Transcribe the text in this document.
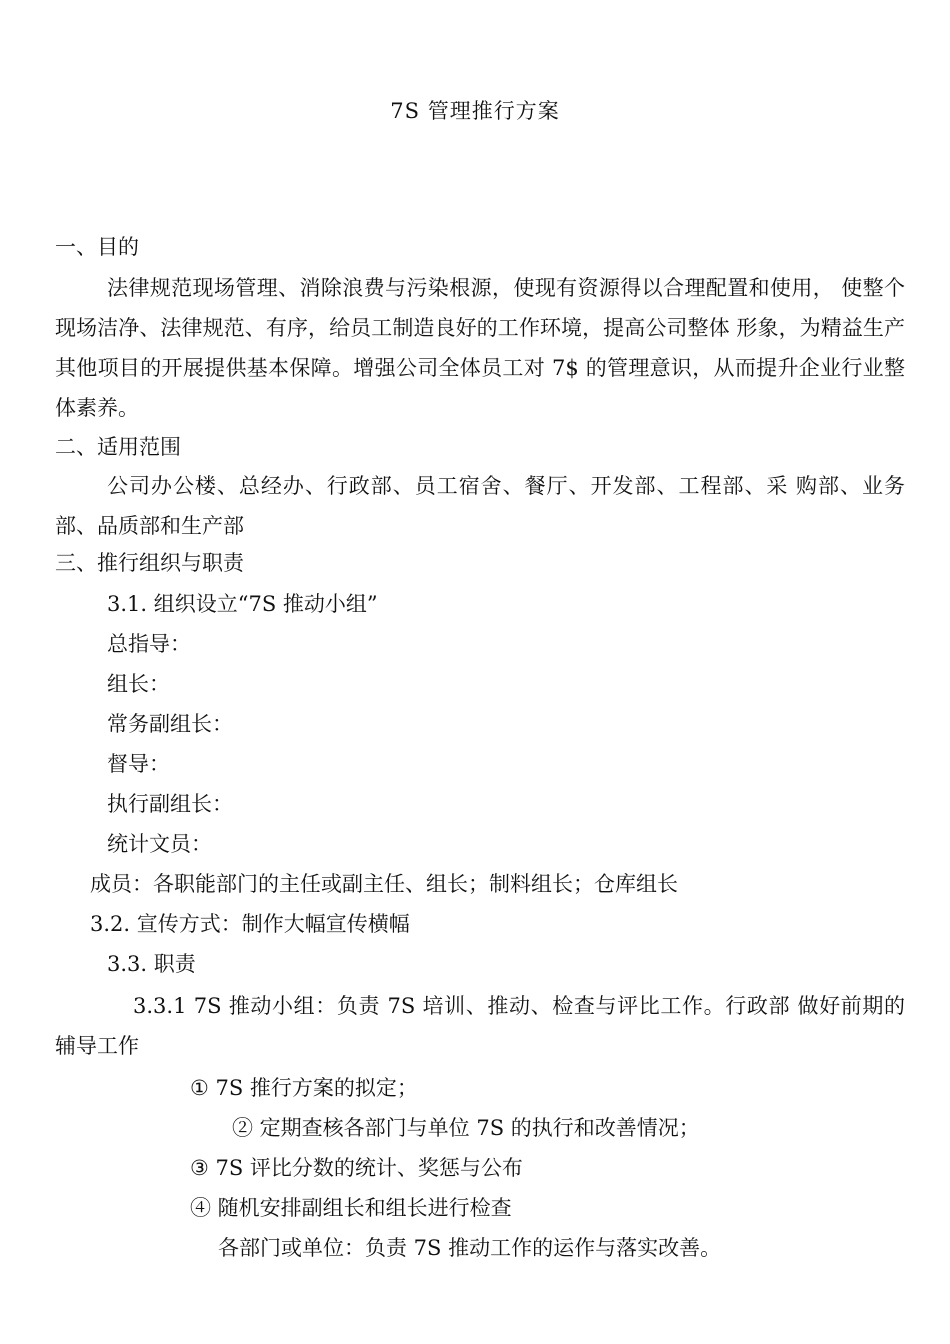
7S 管理推行方案
一、目的
法律规范现场管理、消除浪费与污染根源，使现有资源得以合理配置和使用， 使整个现场洁净、法律规范、有序，给员工制造良好的工作环境，提高公司整体 形象，为精益生产其他项目的开展提供基本保障。增强公司全体员工对 7$ 的管理意识，从而提升企业行业整体素养。
二、适用范围
公司办公楼、总经办、行政部、员工宿舍、餐厅、开发部、工程部、采 购部、业务部、品质部和生产部
三、推行组织与职责
3.1. 组织设立“7S 推动小组”
总指导：
组长：
常务副组长：
督导：
执行副组长：
统计文员：
成员：各职能部门的主任或副主任、组长；制料组长；仓库组长
3.2. 宣传方式：制作大幅宣传横幅
3.3. 职责
3.3.1 7S 推动小组：负责 7S 培训、推动、检查与评比工作。行政部 做好前期的辅导工作
① 7S 推行方案的拟定；
② 定期查核各部门与单位 7S 的执行和改善情况；
③ 7S 评比分数的统计、奖惩与公布
④ 随机安排副组长和组长进行检查
各部门或单位：负责 7S 推动工作的运作与落实改善。
